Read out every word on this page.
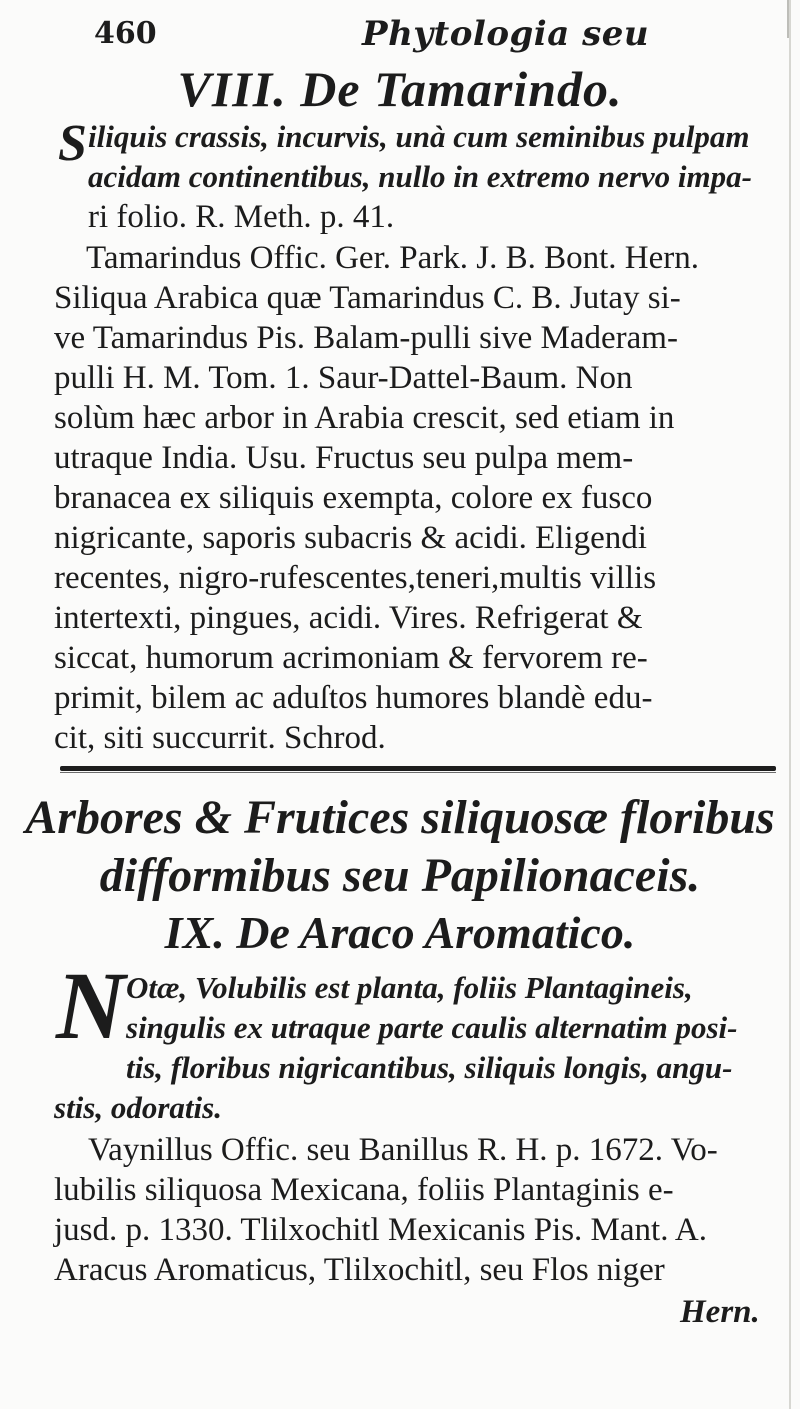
460	Phytologia seu
VIII. De Tamarindo.
S iliquis crassis, incurvis, unà cum seminibus pulpam
acidam continentibus, nullo in extremo nervo impa-
ri folio. R. Meth. p. 41.
Tamarindus Offic. Ger. Park. J. B. Bont. Hern.
Siliqua Arabica quæ Tamarindus C. B. Jutay si-
ve Tamarindus Pis. Balam-pulli sive Maderam-
pulli H. M. Tom. 1. Saur-Dattel-Baum. Non
solùm hæc arbor in Arabia crescit, sed etiam in
utraque India. Usu. Fructus seu pulpa mem-
branacea ex siliquis exempta, colore ex fusco
nigricante, saporis subacris & acidi. Eligendi
recentes, nigro-rufescentes,teneri,multis villis
intertexti, pingues, acidi. Vires. Refrigerat &
siccat, humorum acrimoniam & fervorem re-
primit, bilem ac aduſtos humores blandè edu-
cit, siti succurrit. Schrod.
Arbores & Frutices siliquosæ floribus
difformibus seu Papilionaceis.
IX. De Araco Aromatico.
N Otæ, Volubilis est planta, foliis Plantagineis,
singulis ex utraque parte caulis alternatim posi-
tis, floribus nigricantibus, siliquis longis, angu-
stis, odoratis.
Vaynillus Offic. seu Banillus R. H. p. 1672. Vo-
lubilis siliquosa Mexicana, foliis Plantaginis e-
jusd. p. 1330. Tlilxochitl Mexicanis Pis. Mant. A.
Aracus Aromaticus, Tlilxochitl, seu Flos niger
Hern.
